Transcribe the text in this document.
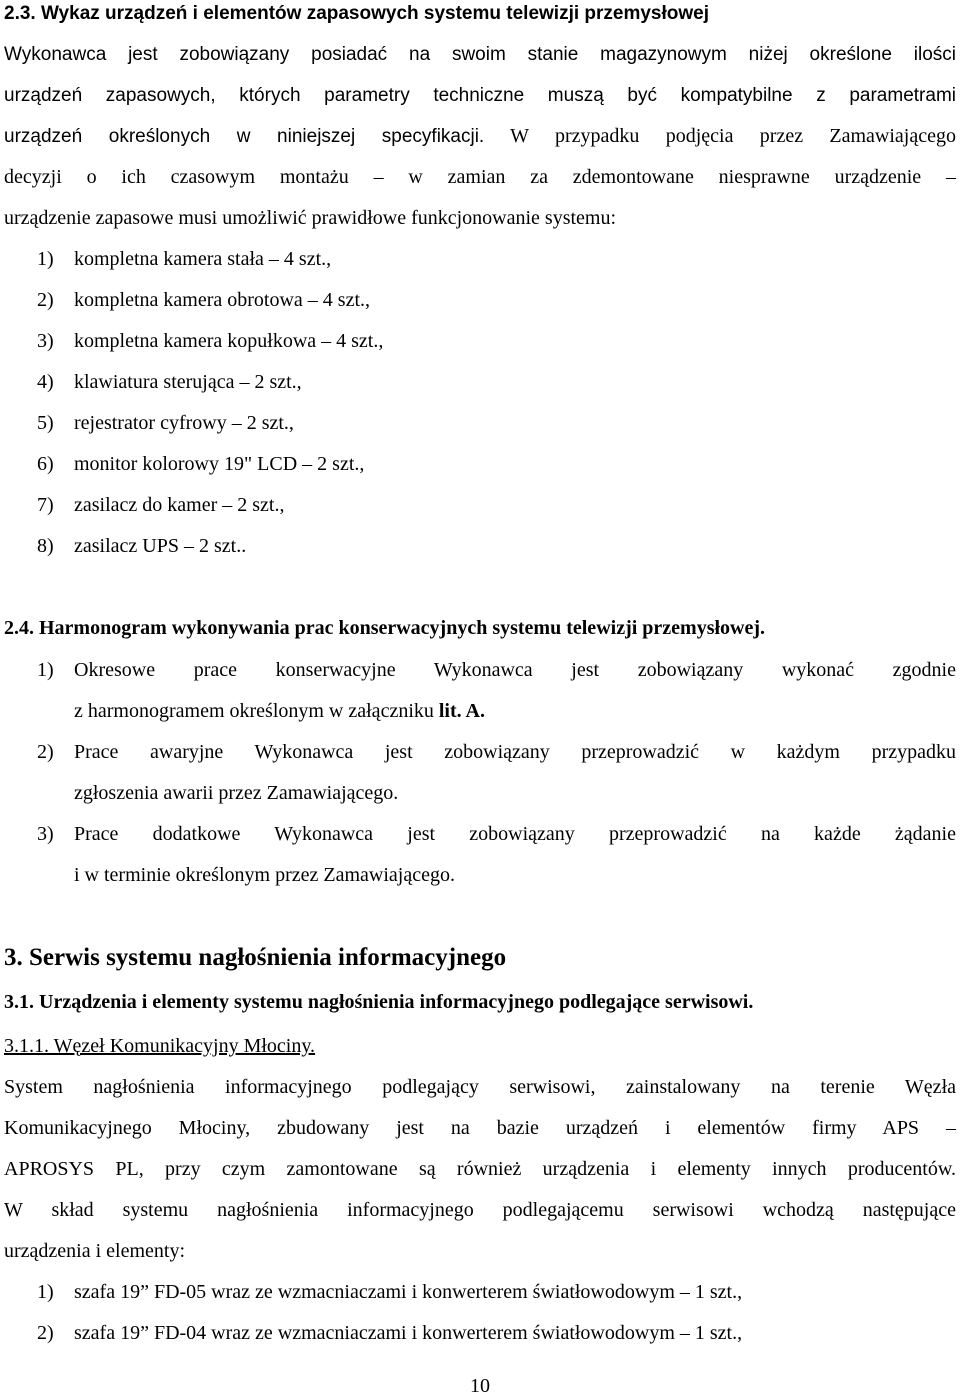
2.3. Wykaz urządzeń i elementów zapasowych systemu telewizji przemysłowej

Wykonawca jest zobowiązany posiadać na swoim stanie magazynowym niżej określone ilości

urządzeń zapasowych, których parametry techniczne muszą być kompatybilne z parametrami

urządzeń określonych w niniejszej specyfikacji. W przypadku podjęcia przez Zamawiającego

decyzji o ich czasowym montażu – w zamian za zdemontowane niesprawne urządzenie –

urządzenie zapasowe musi umożliwić prawidłowe funkcjonowanie systemu:

1) kompletna kamera stała – 4 szt.,
2) kompletna kamera obrotowa – 4 szt.,
3) kompletna kamera kopułkowa – 4 szt.,
4) klawiatura sterująca – 2 szt.,
5) rejestrator cyfrowy – 2 szt.,
6) monitor kolorowy 19" LCD – 2 szt.,
7) zasilacz do kamer – 2 szt.,
8) zasilacz UPS – 2 szt..
2.4. Harmonogram wykonywania prac konserwacyjnych systemu telewizji przemysłowej.
1) Okresowe prace konserwacyjne Wykonawca jest zobowiązany wykonać zgodnie

z harmonogramem określonym w załączniku lit. A.

2) Prace awaryjne Wykonawca jest zobowiązany przeprowadzić w każdym przypadku

zgłoszenia awarii przez Zamawiającego.

3) Prace dodatkowe Wykonawca jest zobowiązany przeprowadzić na każde żądanie

i w terminie określonym przez Zamawiającego.

3. Serwis systemu nagłośnienia informacyjnego
3.1. Urządzenia i elementy systemu nagłośnienia informacyjnego podlegające serwisowi.
3.1.1. Węzeł Komunikacyjny Młociny.

System nagłośnienia informacyjnego podlegający serwisowi, zainstalowany na terenie Węzła

Komunikacyjnego Młociny, zbudowany jest na bazie urządzeń i elementów firmy APS –

APROSYS PL, przy czym zamontowane są również urządzenia i elementy innych producentów.

W skład systemu nagłośnienia informacyjnego podlegającemu serwisowi wchodzą następujące

urządzenia i elementy:

1) szafa 19” FD-05 wraz ze wzmacniaczami i konwerterem światłowodowym – 1 szt.,
2) szafa 19” FD-04 wraz ze wzmacniaczami i konwerterem światłowodowym – 1 szt.,
10
